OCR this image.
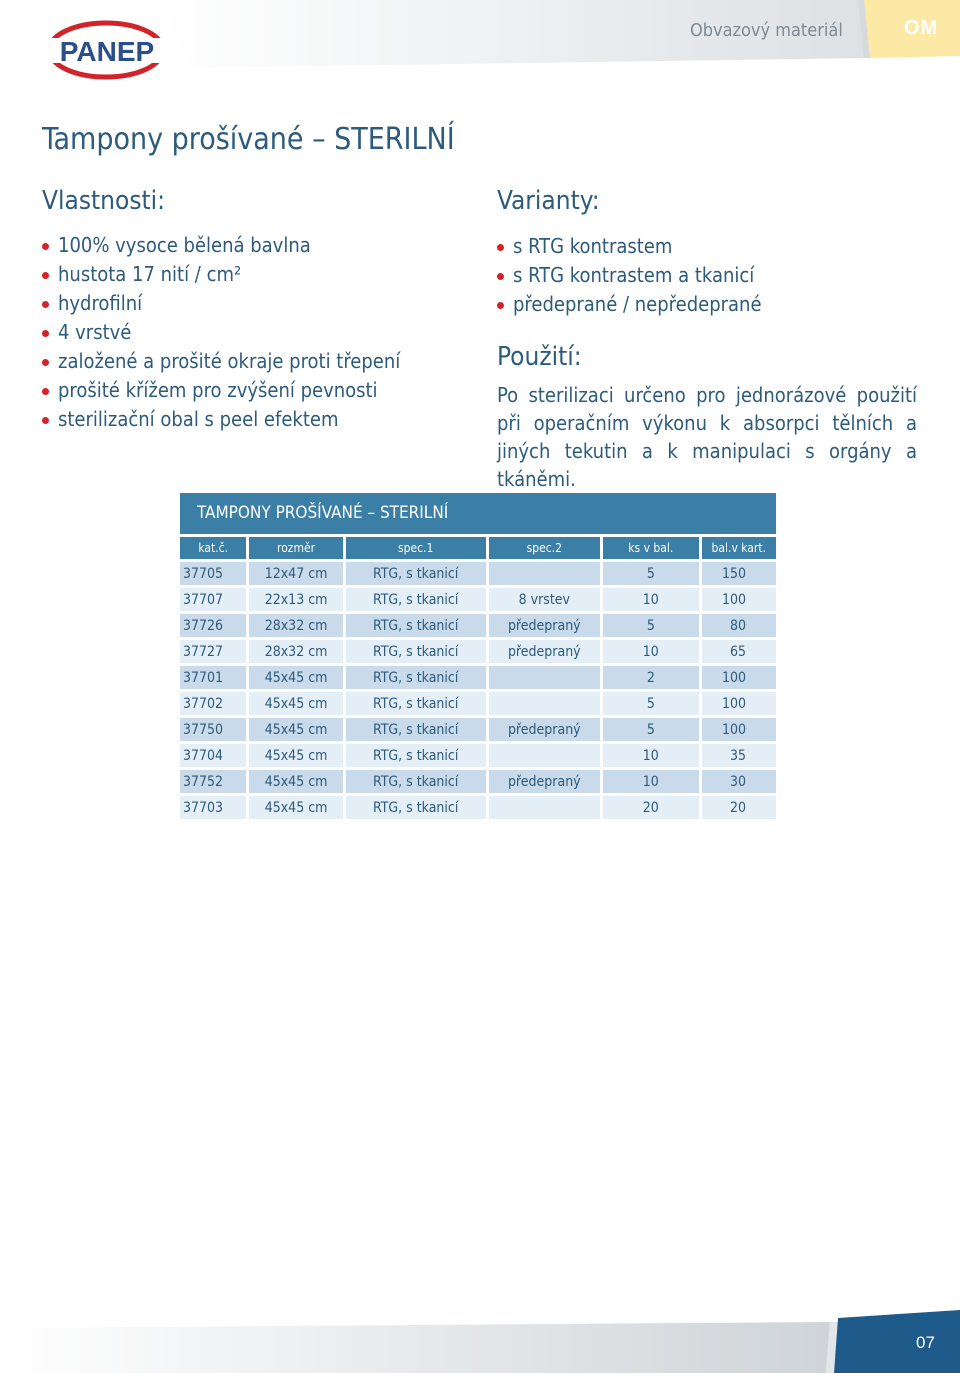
PANEP
Obvazový materiál	OM
Tampony prošívané – STERILNÍ
Vlastnosti:
100% vysoce bělená bavlna
hustota 17 nití / cm²
hydrofilní
4 vrstvé
založené a prošité okraje proti třepení
prošité křížem pro zvýšení pevnosti
sterilizační obal s peel efektem
Varianty:
s RTG kontrastem
s RTG kontrastem a tkanicí
předeprané / nepředeprané
Použití:

Po sterilizaci určeno pro jednorázové použití při operačním výkonu k absorpci tělních a jiných tekutin a k manipulaci s orgány a tkáněmi.

TAMPONY PROŠÍVANÉ – STERILNÍ
kat.č.	rozměr	spec.1	spec.2	ks v bal.	bal.v kart.
37705	12x47 cm	RTG, s tkanicí		5	150
37707	22x13 cm	RTG, s tkanicí	8 vrstev	10	100
37726	28x32 cm	RTG, s tkanicí	předepraný	5	80
37727	28x32 cm	RTG, s tkanicí	předepraný	10	65
37701	45x45 cm	RTG, s tkanicí		2	100
37702	45x45 cm	RTG, s tkanicí		5	100
37750	45x45 cm	RTG, s tkanicí	předepraný	5	100
37704	45x45 cm	RTG, s tkanicí		10	35
37752	45x45 cm	RTG, s tkanicí	předepraný	10	30
37703	45x45 cm	RTG, s tkanicí		20	20
07
